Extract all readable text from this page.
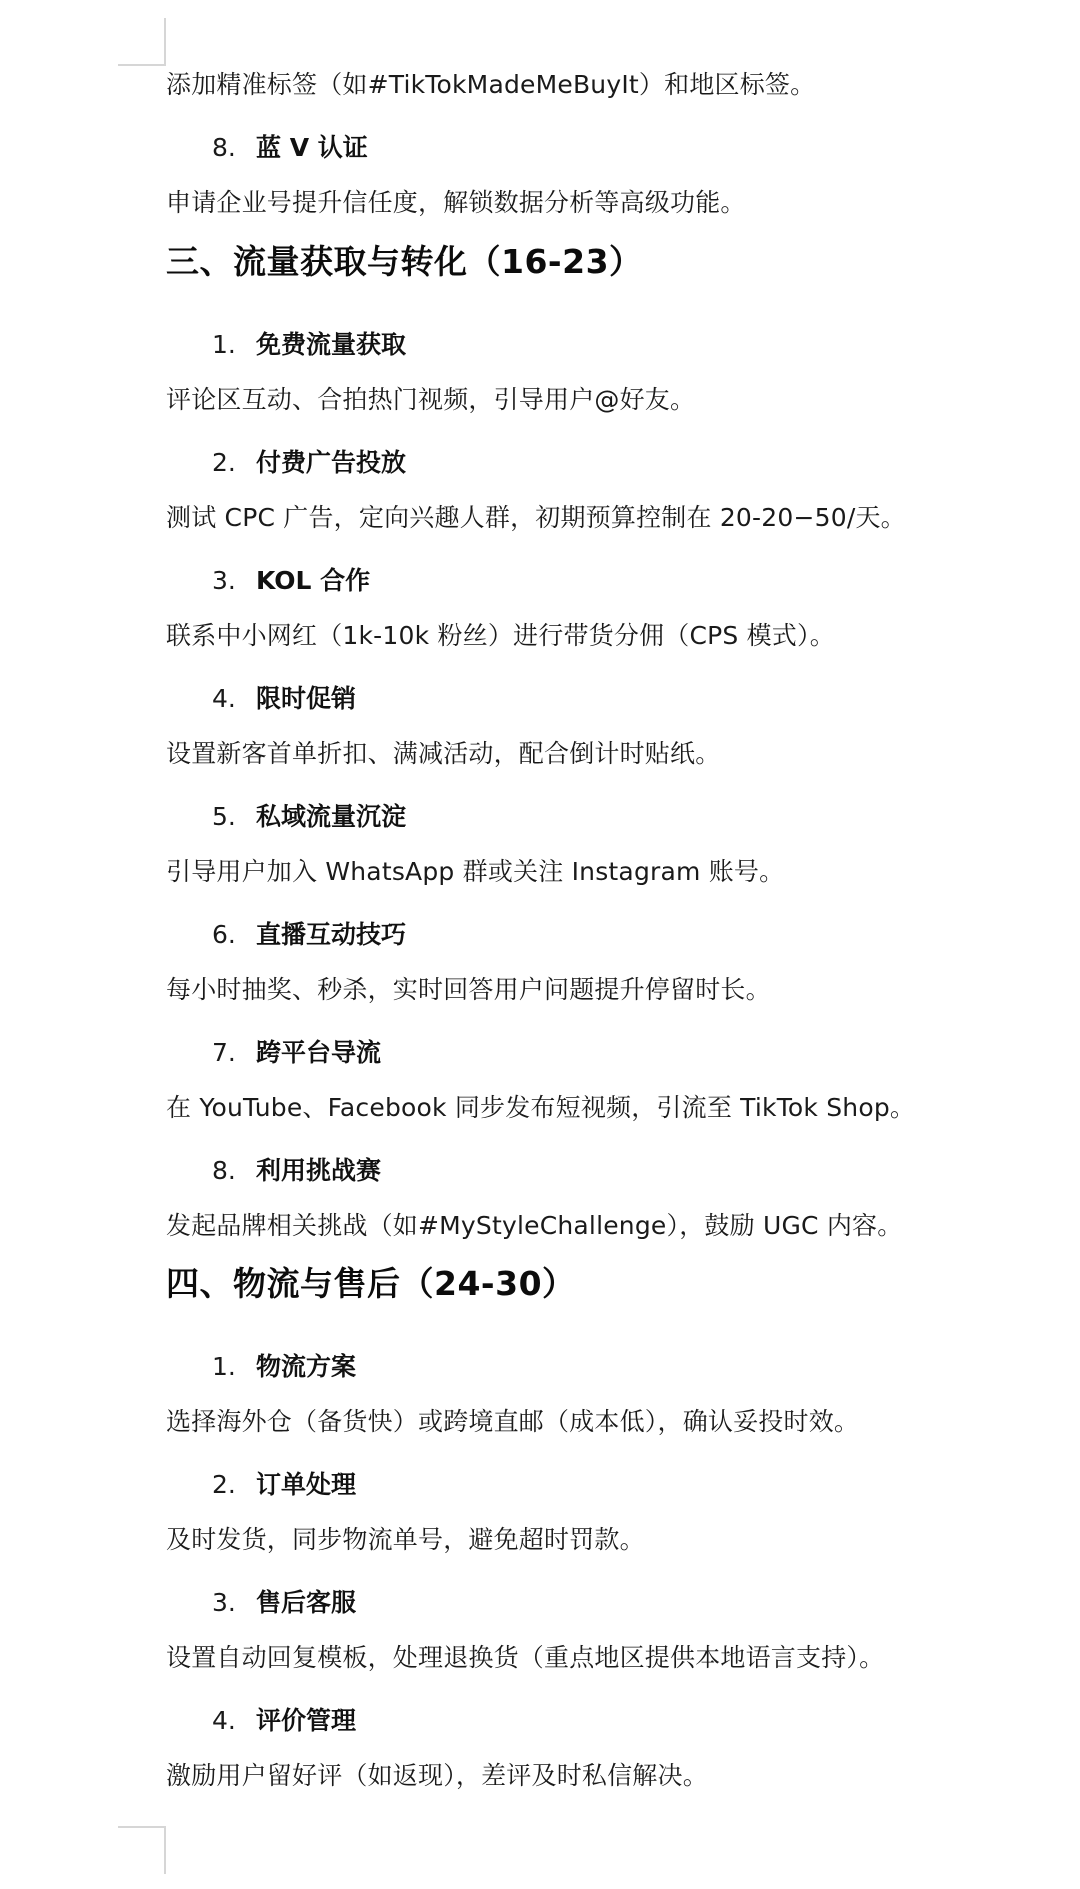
添加精准标签（如#TikTokMadeMeBuyIt）和地区标签。
8. 蓝 V 认证
申请企业号提升信任度，解锁数据分析等高级功能。
三、流量获取与转化（16-23）
1. 免费流量获取
评论区互动、合拍热门视频，引导用户@好友。
2. 付费广告投放
测试 CPC 广告，定向兴趣人群，初期预算控制在 20-20−50/天。
3. KOL 合作
联系中小网红（1k-10k 粉丝）进行带货分佣（CPS 模式）。
4. 限时促销
设置新客首单折扣、满减活动，配合倒计时贴纸。
5. 私域流量沉淀
引导用户加入 WhatsApp 群或关注 Instagram 账号。
6. 直播互动技巧
每小时抽奖、秒杀，实时回答用户问题提升停留时长。
7. 跨平台导流
在 YouTube、Facebook 同步发布短视频，引流至 TikTok Shop。
8. 利用挑战赛
发起品牌相关挑战（如#MyStyleChallenge），鼓励 UGC 内容。
四、物流与售后（24-30）
1. 物流方案
选择海外仓（备货快）或跨境直邮（成本低），确认妥投时效。
2. 订单处理
及时发货，同步物流单号，避免超时罚款。
3. 售后客服
设置自动回复模板，处理退换货（重点地区提供本地语言支持）。
4. 评价管理
激励用户留好评（如返现），差评及时私信解决。
